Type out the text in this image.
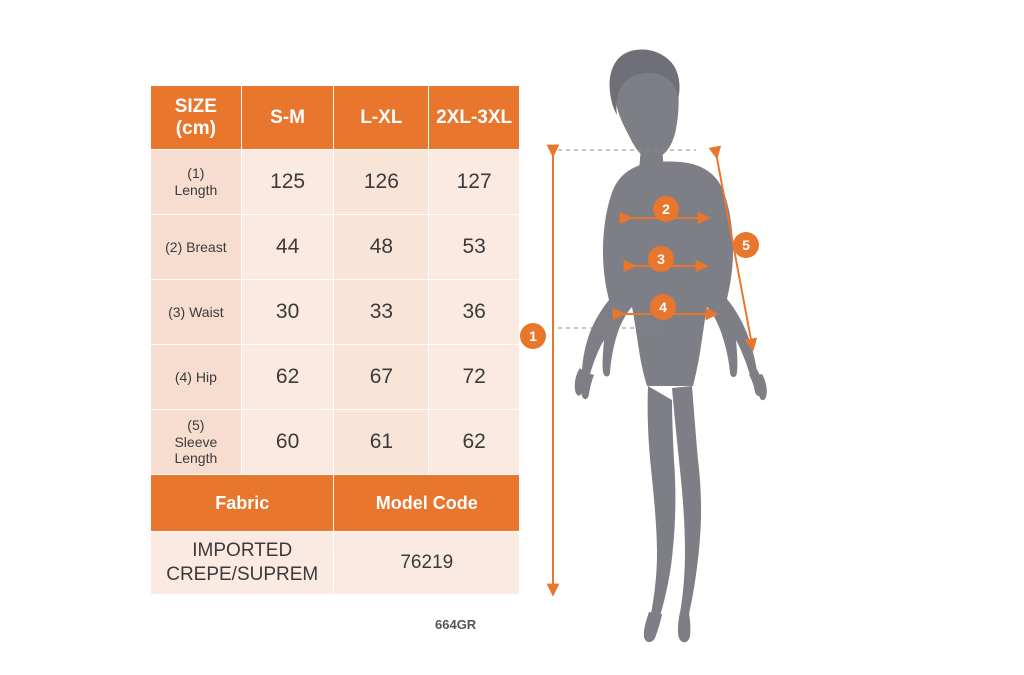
SIZE
(cm)	S-M	L-XL	2XL-3XL

(1)
Length	125	126	127

(2) Breast	44	48	53

(3) Waist	30	33	36

(4) Hip	62	67	72

(5)
Sleeve
Length	60	61	62
Fabric		Model Code	

IMPORTED
CREPE/SUPREM		76219	
664GR
1
2
3
4
5
